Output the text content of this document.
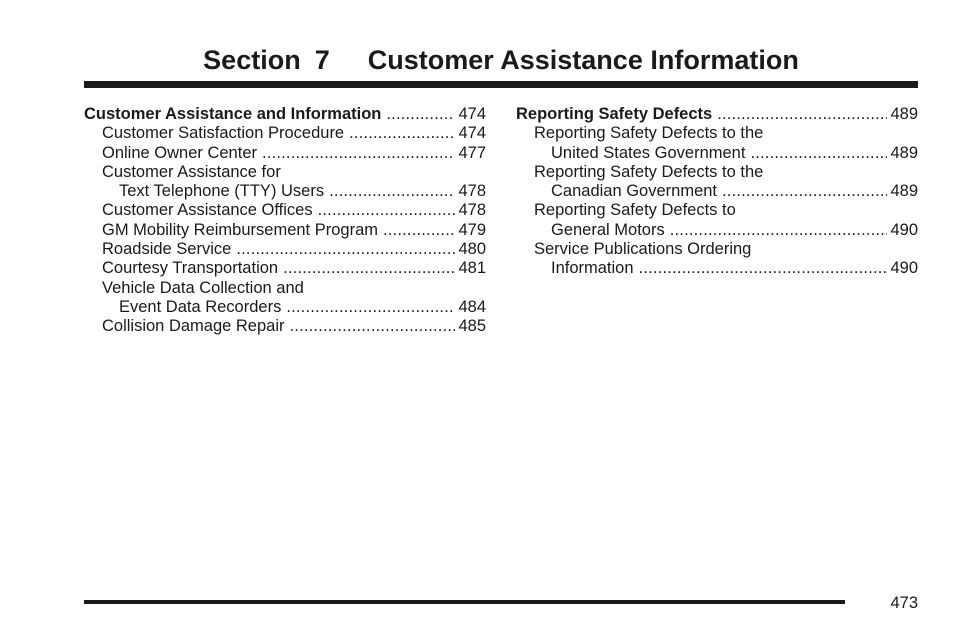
Section 7 Customer Assistance Information
Customer Assistance and Information .....	474
Customer Satisfaction Procedure .....	474
Online Owner Center .....	477
Customer Assistance for
Text Telephone (TTY) Users .....	478
Customer Assistance Offices .....	478
GM Mobility Reimbursement Program .....	479
Roadside Service .....	480
Courtesy Transportation .....	481
Vehicle Data Collection and
Event Data Recorders .....	484
Collision Damage Repair .....	485
Reporting Safety Defects .....	489
Reporting Safety Defects to the
United States Government .....	489
Reporting Safety Defects to the
Canadian Government .....	489
Reporting Safety Defects to
General Motors .....	490
Service Publications Ordering
Information .....	490
473
